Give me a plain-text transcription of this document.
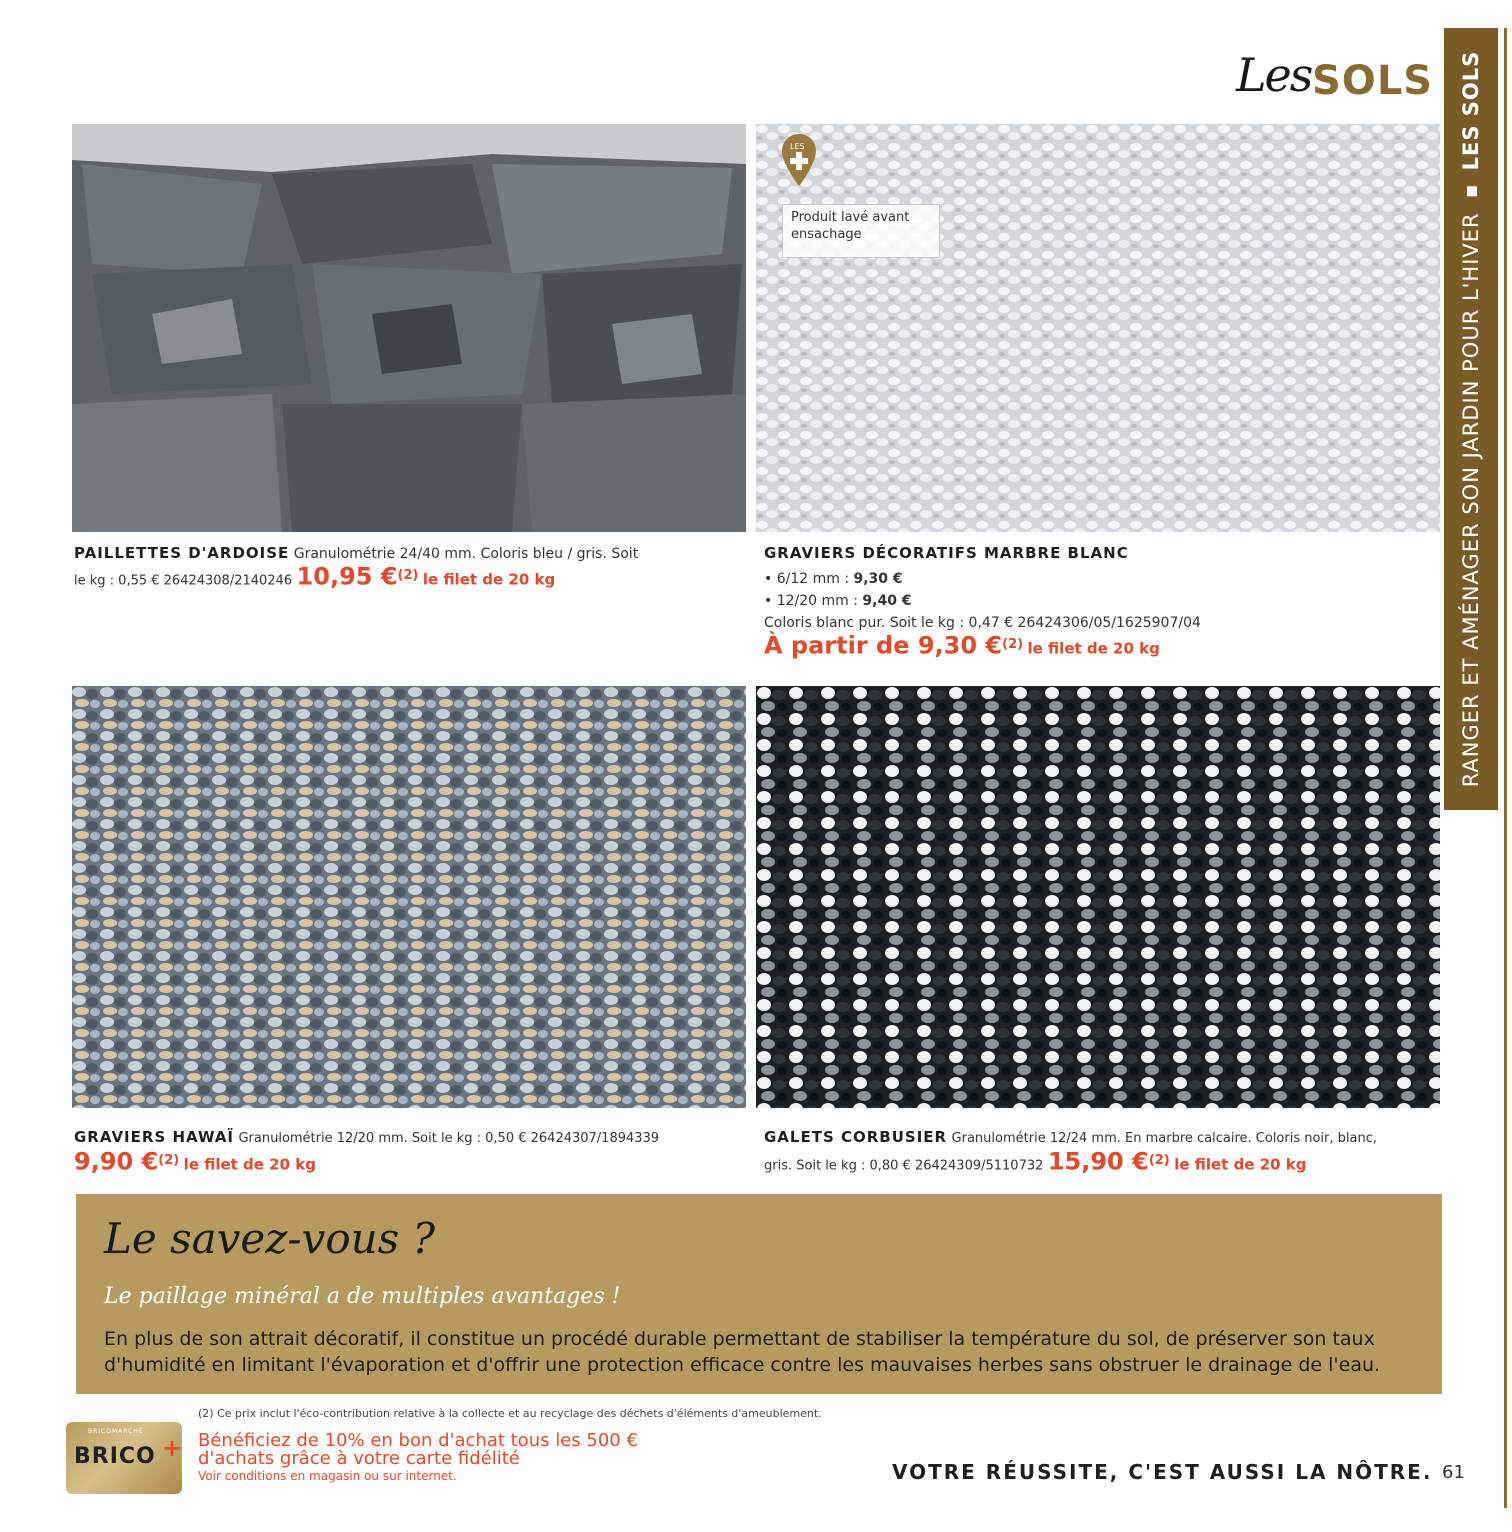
Les SOLS
RANGER ET AMÉNAGER SON JARDIN POUR L'HIVERLES SOLS
LES
Produit lavé avant ensachage
PAILLETTES D'ARDOISE Granulométrie 24/40 mm. Coloris bleu / gris. Soit
le kg : 0,55 € 26424308/2140246 10,95 €$^{(2)}$ le filet de 20 kg
GRAVIERS DÉCORATIFS MARBRE BLANC
• 6/12 mm : 9,30 €
• 12/20 mm : 9,40 €
Coloris blanc pur. Soit le kg : 0,47 € 26424306/05/1625907/04
À partir de 9,30 €$^{(2)}$ le filet de 20 kg
GRAVIERS HAWAÏ Granulométrie 12/20 mm. Soit le kg : 0,50 € 26424307/1894339
9,90 €$^{(2)}$ le filet de 20 kg
GALETS CORBUSIER Granulométrie 12/24 mm. En marbre calcaire. Coloris noir, blanc,
gris. Soit le kg : 0,80 € 26424309/5110732 15,90 €$^{(2)}$ le filet de 20 kg
Le savez-vous ?
Le paillage minéral a de multiples avantages !
En plus de son attrait décoratif, il constitue un procédé durable permettant de stabiliser la température du sol, de préserver son taux d'humidité en limitant l'évaporation et d'offrir une protection efficace contre les mauvaises herbes sans obstruer le drainage de l'eau.
(2) Ce prix inclut l'éco-contribution relative à la collecte et au recyclage des déchets d'éléments d'ameublement.
BRICOMARCHÉ
BRICO + Bénéficiez de 10% en bon d'achat tous les 500 €
d'achats grâce à votre carte fidélité
Voir conditions en magasin ou sur internet.	VOTRE RÉUSSITE, C'EST AUSSI LA NÔTRE. 61
